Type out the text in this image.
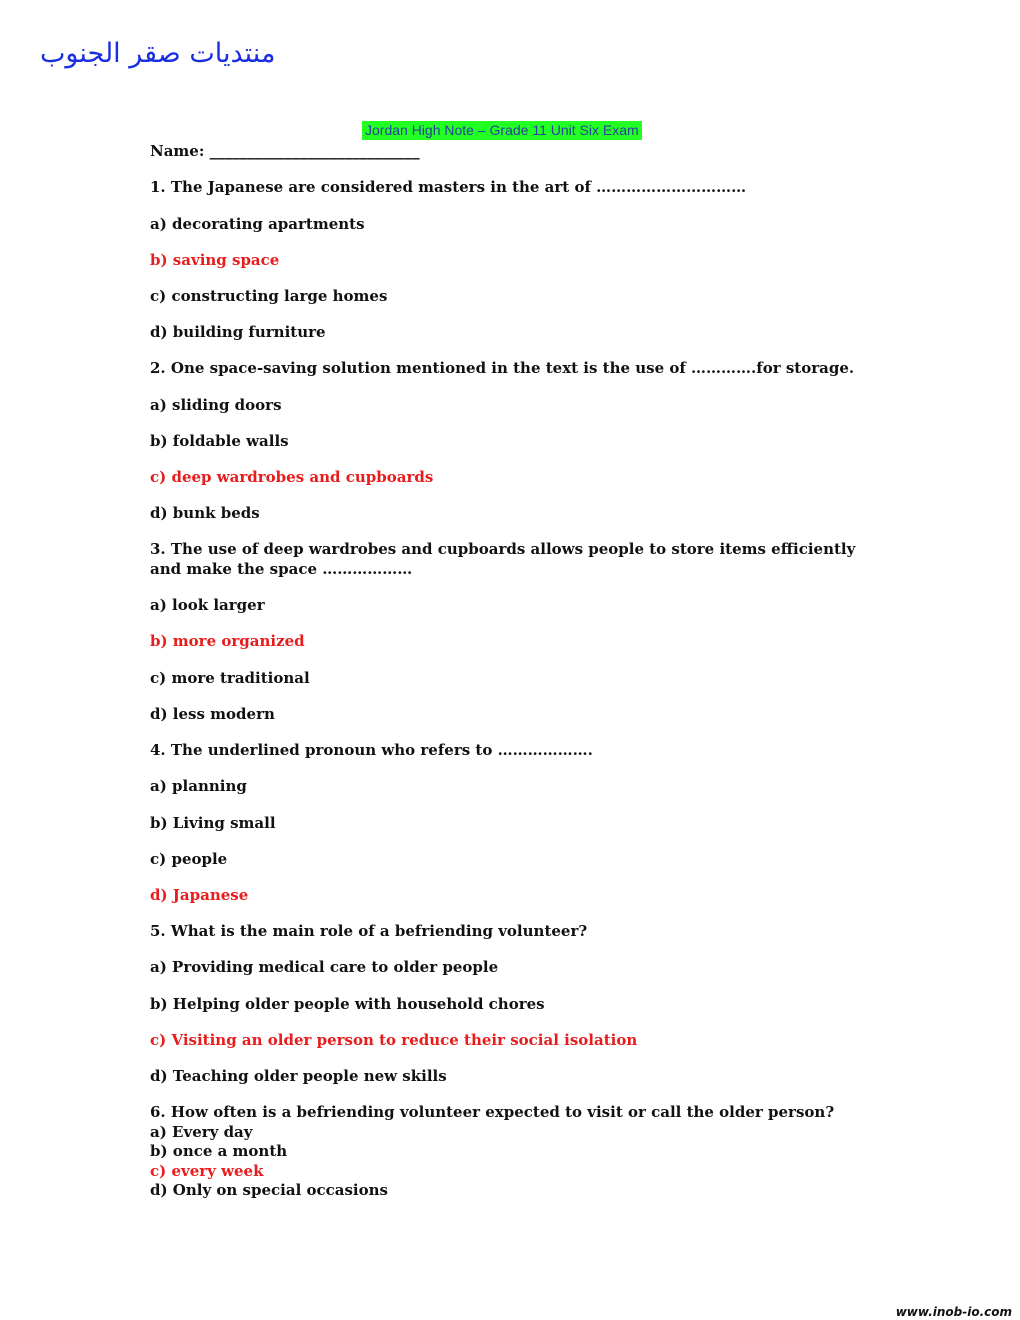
منتديات صقر الجنوب
Jordan High Note – Grade 11 Unit Six Exam
Name: ____________________________
1. The Japanese are considered masters in the art of …………………………
a) decorating apartments
b) saving space
c) constructing large homes
d) building furniture
2. One space-saving solution mentioned in the text is the use of ………….for storage.
a) sliding doors
b) foldable walls
c) deep wardrobes and cupboards
d) bunk beds
3. The use of deep wardrobes and cupboards allows people to store items efficiently and make the space ………………
a) look larger
b) more organized
c) more traditional
d) less modern
4. The underlined pronoun who refers to ……………….
a) planning
b) Living small
c) people
d) Japanese
5. What is the main role of a befriending volunteer?
a) Providing medical care to older people
b) Helping older people with household chores
c) Visiting an older person to reduce their social isolation
d) Teaching older people new skills
6. How often is a befriending volunteer expected to visit or call the older person?
a) Every day
b) once a month
c) every week
d) Only on special occasions
www.inob-io.com
